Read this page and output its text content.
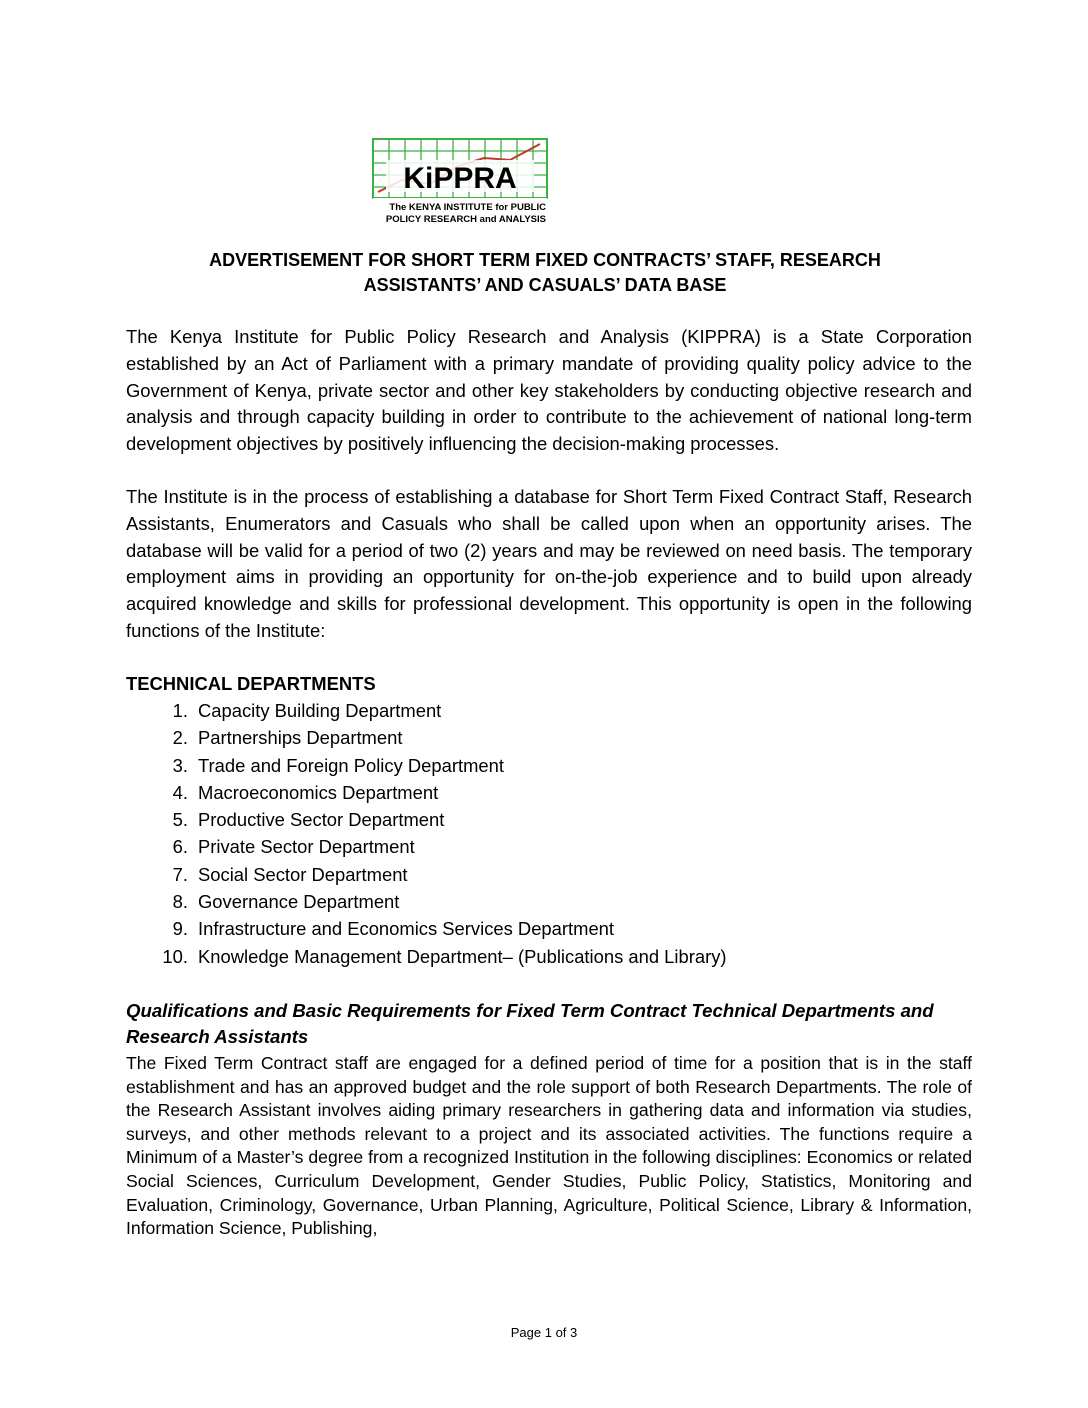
KiPPRA
The KENYA INSTITUTE for PUBLIC
POLICY RESEARCH and ANALYSIS
ADVERTISEMENT FOR SHORT TERM FIXED CONTRACTS’ STAFF, RESEARCH
ASSISTANTS’ AND CASUALS’ DATA BASE
The Kenya Institute for Public Policy Research and Analysis (KIPPRA) is a State Corporation established by an Act of Parliament with a primary mandate of providing quality policy advice to the Government of Kenya, private sector and other key stakeholders by conducting objective research and analysis and through capacity building in order to contribute to the achievement of national long-term development objectives by positively influencing the decision-making processes.
The Institute is in the process of establishing a database for Short Term Fixed Contract Staff, Research Assistants, Enumerators and Casuals who shall be called upon when an opportunity arises. The database will be valid for a period of two (2) years and may be reviewed on need basis. The temporary employment aims in providing an opportunity for on-the-job experience and to build upon already acquired knowledge and skills for professional development. This opportunity is open in the following functions of the Institute:
TECHNICAL DEPARTMENTS
1. Capacity Building Department
2. Partnerships Department
3. Trade and Foreign Policy Department
4. Macroeconomics Department
5. Productive Sector Department
6. Private Sector Department
7. Social Sector Department
8. Governance Department
9. Infrastructure and Economics Services Department
10. Knowledge Management Department– (Publications and Library)
Qualifications and Basic Requirements for Fixed Term Contract Technical Departments and Research Assistants
The Fixed Term Contract staff are engaged for a defined period of time for a position that is in the staff establishment and has an approved budget and the role support of both Research Departments. The role of the Research Assistant involves aiding primary researchers in gathering data and information via studies, surveys, and other methods relevant to a project and its associated activities. The functions require a Minimum of a Master’s degree from a recognized Institution in the following disciplines: Economics or related Social Sciences, Curriculum Development, Gender Studies, Public Policy, Statistics, Monitoring and Evaluation, Criminology, Governance, Urban Planning, Agriculture, Political Science, Library & Information, Information Science, Publishing,
Page 1 of 3
